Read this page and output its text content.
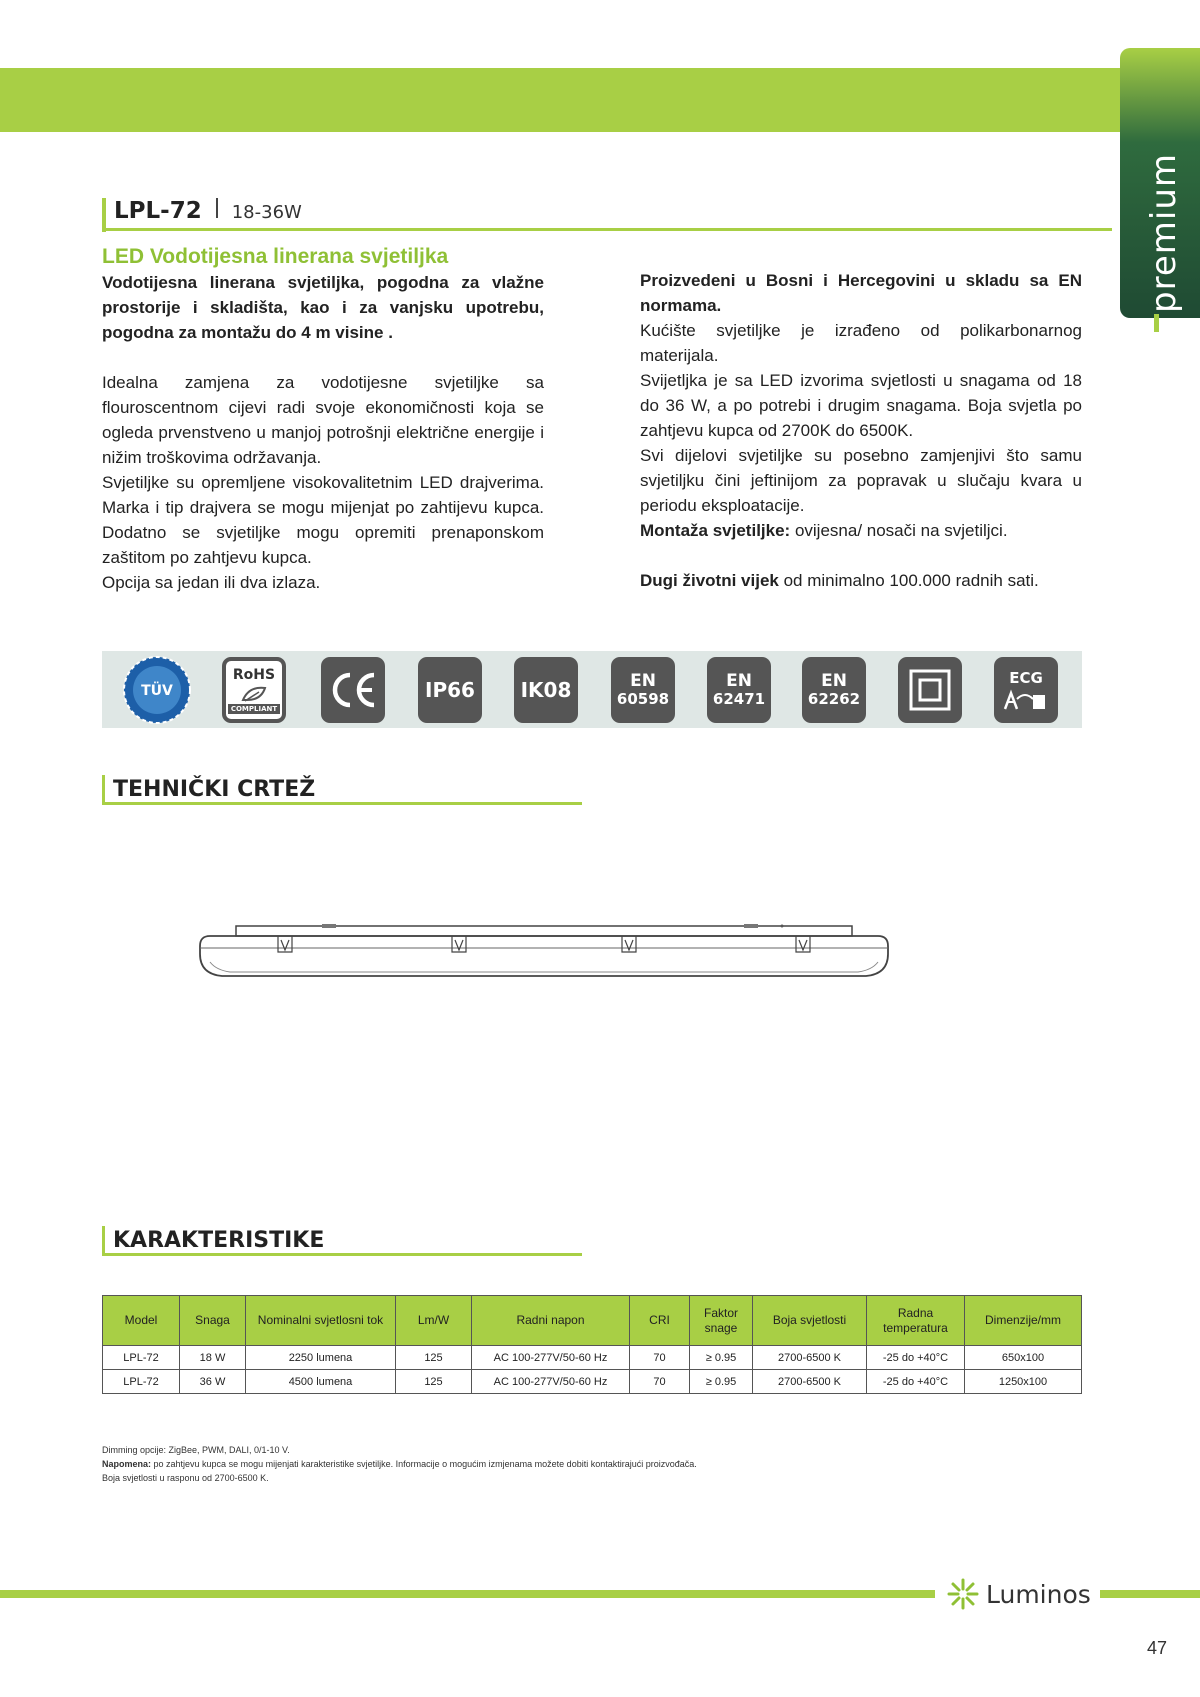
premium
LPL-72 18-36W
LED Vodotijesna linerana svjetiljka

Vodotijesna linerana svjetiljka, pogodna za vlažne prostorije i skladišta, kao i za vanjsku upotrebu, pogodna za montažu do 4 m visine .

Idealna zamjena za vodotijesne svjetiljke sa flouroscentnom cijevi radi svoje ekonomičnosti koja se ogleda prvenstveno u manjoj potrošnji električne energije i nižim troškovima održavanja.

Svjetiljke su opremljene visokovalitetnim LED drajverima. Marka i tip drajvera se mogu mijenjat po zahtijevu kupca. Dodatno se svjetiljke mogu opremiti prenaponskom zaštitom po zahtjevu kupca.

Opcija sa jedan ili dva izlaza.

Proizvedeni u Bosni i Hercegovini u skladu sa EN normama.

Kućište svjetiljke je izrađeno od polikarbonarnog materijala.

Svijetljka je sa LED izvorima svjetlosti u snagama od 18 do 36 W, a po potrebi i drugim snagama. Boja svjetla po zahtjevu kupca od 2700K do 6500K.

Svi dijelovi svjetiljke su posebno zamjenjivi što samu svjetiljku čini jeftinijom za popravak u slučaju kvara u periodu eksploatacije.

Montaža svjetiljke: ovijesna/ nosači na svjetiljci.

Dugi životni vijek od minimalno 100.000 radnih sati.

TÜV
RoHS
COMPLIANT
IP66 IK08	EN
60598
EN
62471
EN
62262
ECG
TEHNIČKI CRTEŽ
KARAKTERISTIKE
Model	Snaga	Nominalni svjetlosni tok	Lm/W	Radni napon	CRI	Faktor snage	Boja svjetlosti	Radna temperatura	Dimenzije/mm
LPL-72	18 W	2250 lumena	125	AC 100-277V/50-60 Hz	70	≥ 0.95	2700-6500 K	-25 do +40°C	650x100
LPL-72	36 W	4500 lumena	125	AC 100-277V/50-60 Hz	70	≥ 0.95	2700-6500 K	-25 do +40°C	1250x100
Dimming opcije: ZigBee, PWM, DALI, 0/1-10 V.
Napomena: po zahtjevu kupca se mogu mijenjati karakteristike svjetiljke. Informacije o mogućim izmjenama možete dobiti kontaktirajući proizvođača.
Boja svjetlosti u rasponu od 2700-6500 K.
Luminos
47
